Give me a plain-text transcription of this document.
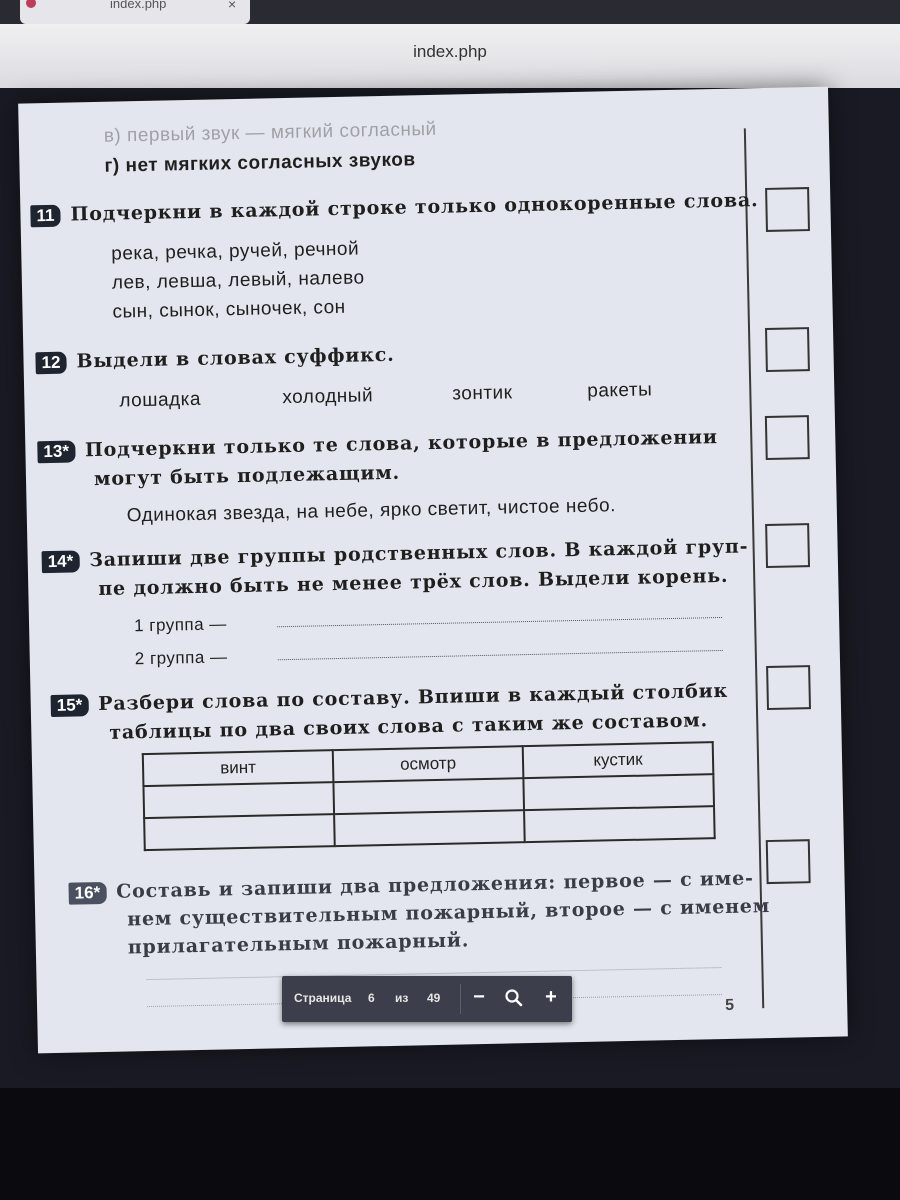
index.php	×
index.php
в) первый звук — мягкий согласный
г) нет мягких согласных звуков
11 Подчеркни в каждой строке только однокоренные слова.
река, речка, ручей, речной
лев, левша, левый, налево
сын, сынок, сыночек, сон
12 Выдели в словах суффикс.
лошадка	холодный	зонтик	ракеты
13* Подчеркни только те слова, которые в предложении
могут быть подлежащим.
Одинокая звезда, на небе, ярко светит, чистое небо.
14* Запиши две группы родственных слов. В каждой груп-
пе должно быть не менее трёх слов. Выдели корень.
1 группа —
2 группа —
15* Разбери слова по составу. Впиши в каждый столбик
таблицы по два своих слова с таким же составом.
винт	осмотр	кустик

16* Составь и запиши два предложения: первое — с име-
нем существительным пожарный, второе — с именем
прилагательным пожарный.
5
Страница 6 из 49	−	+
